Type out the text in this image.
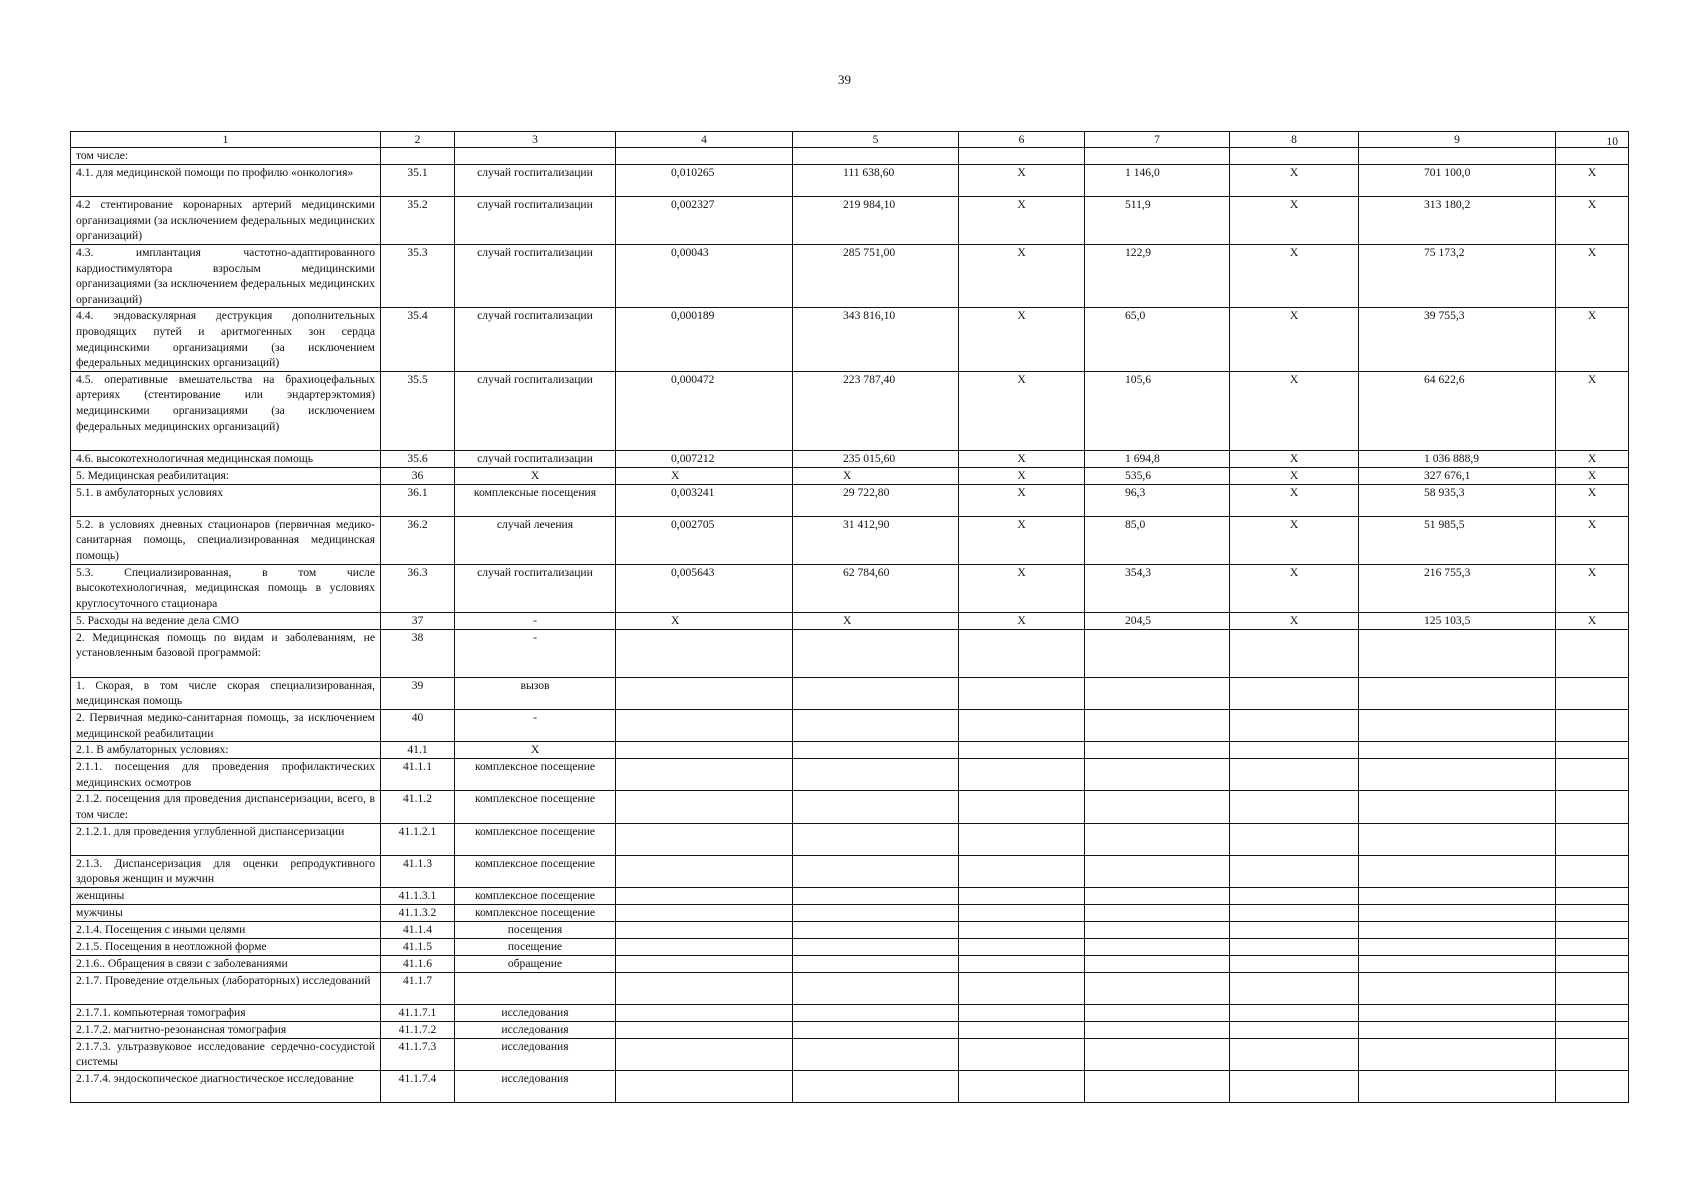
39
1	2	3	4	5	6	7	8	9	10
том числе:									
4.1. для медицинской помощи по профилю «онкология»	35.1	случай госпитализации	0,010265	111 638,60	X	1 146,0	X	701 100,0	X
4.2 стентирование коронарных артерий медицинскими организациями (за исключением федеральных медицинских организаций)	35.2	случай госпитализации	0,002327	219 984,10	X	511,9	X	313 180,2	X
4.3. имплантация частотно-адаптированного кардиостимулятора взрослым медицинскими организациями (за исключением федеральных медицинских организаций)	35.3	случай госпитализации	0,00043	285 751,00	X	122,9	X	75 173,2	X
4.4. эндоваскулярная деструкция дополнительных проводящих путей и аритмогенных зон сердца медицинскими организациями (за исключением федеральных медицинских организаций)	35.4	случай госпитализации	0,000189	343 816,10	X	65,0	X	39 755,3	X
4.5. оперативные вмешательства на брахиоцефальных артериях (стентирование или эндартерэктомия) медицинскими организациями (за исключением федеральных медицинских организаций)	35.5	случай госпитализации	0,000472	223 787,40	X	105,6	X	64 622,6	X
4.6. высокотехнологичная медицинская помощь	35.6	случай госпитализации	0,007212	235 015,60	X	1 694,8	X	1 036 888,9	X
5. Медицинская реабилитация:	36	X	X	X	X	535,6	X	327 676,1	X
5.1. в амбулаторных условиях	36.1	комплексные посещения	0,003241	29 722,80	X	96,3	X	58 935,3	X
5.2. в условиях дневных стационаров (первичная медико-санитарная помощь, специализированная медицинская помощь)	36.2	случай лечения	0,002705	31 412,90	X	85,0	X	51 985,5	X
5.3. Специализированная, в том числе высокотехнологичная, медицинская помощь в условиях круглосуточного стационара	36.3	случай госпитализации	0,005643	62 784,60	X	354,3	X	216 755,3	X
5. Расходы на ведение дела СМО	37	-	X	X	X	204,5	X	125 103,5	X
2. Медицинская помощь по видам и заболеваниям, не установленным базовой программой:	38	-							
1. Скорая, в том числе скорая специализированная, медицинская помощь	39	вызов							
2. Первичная медико-санитарная помощь, за исключением медицинской реабилитации	40	-							
2.1. В амбулаторных условиях:	41.1	X							
2.1.1. посещения для проведения профилактических медицинских осмотров	41.1.1	комплексное посещение							
2.1.2. посещения для проведения диспансеризации, всего, в том числе:	41.1.2	комплексное посещение							
2.1.2.1. для проведения углубленной диспансеризации	41.1.2.1	комплексное посещение							
2.1.3. Диспансеризация для оценки репродуктивного здоровья женщин и мужчин	41.1.3	комплексное посещение							
женщины	41.1.3.1	комплексное посещение							
мужчины	41.1.3.2	комплексное посещение							
2.1.4. Посещения с иными целями	41.1.4	посещения							
2.1.5. Посещения в неотложной форме	41.1.5	посещение							
2.1.6.. Обращения в связи с заболеваниями	41.1.6	обращение							
2.1.7. Проведение отдельных (лабораторных) исследований	41.1.7								
2.1.7.1. компьютерная томография	41.1.7.1	исследования							
2.1.7.2. магнитно-резонансная томография	41.1.7.2	исследования							
2.1.7.3. ультразвуковое исследование сердечно-сосудистой системы	41.1.7.3	исследования							
2.1.7.4. эндоскопическое диагностическое исследование	41.1.7.4	исследования							
